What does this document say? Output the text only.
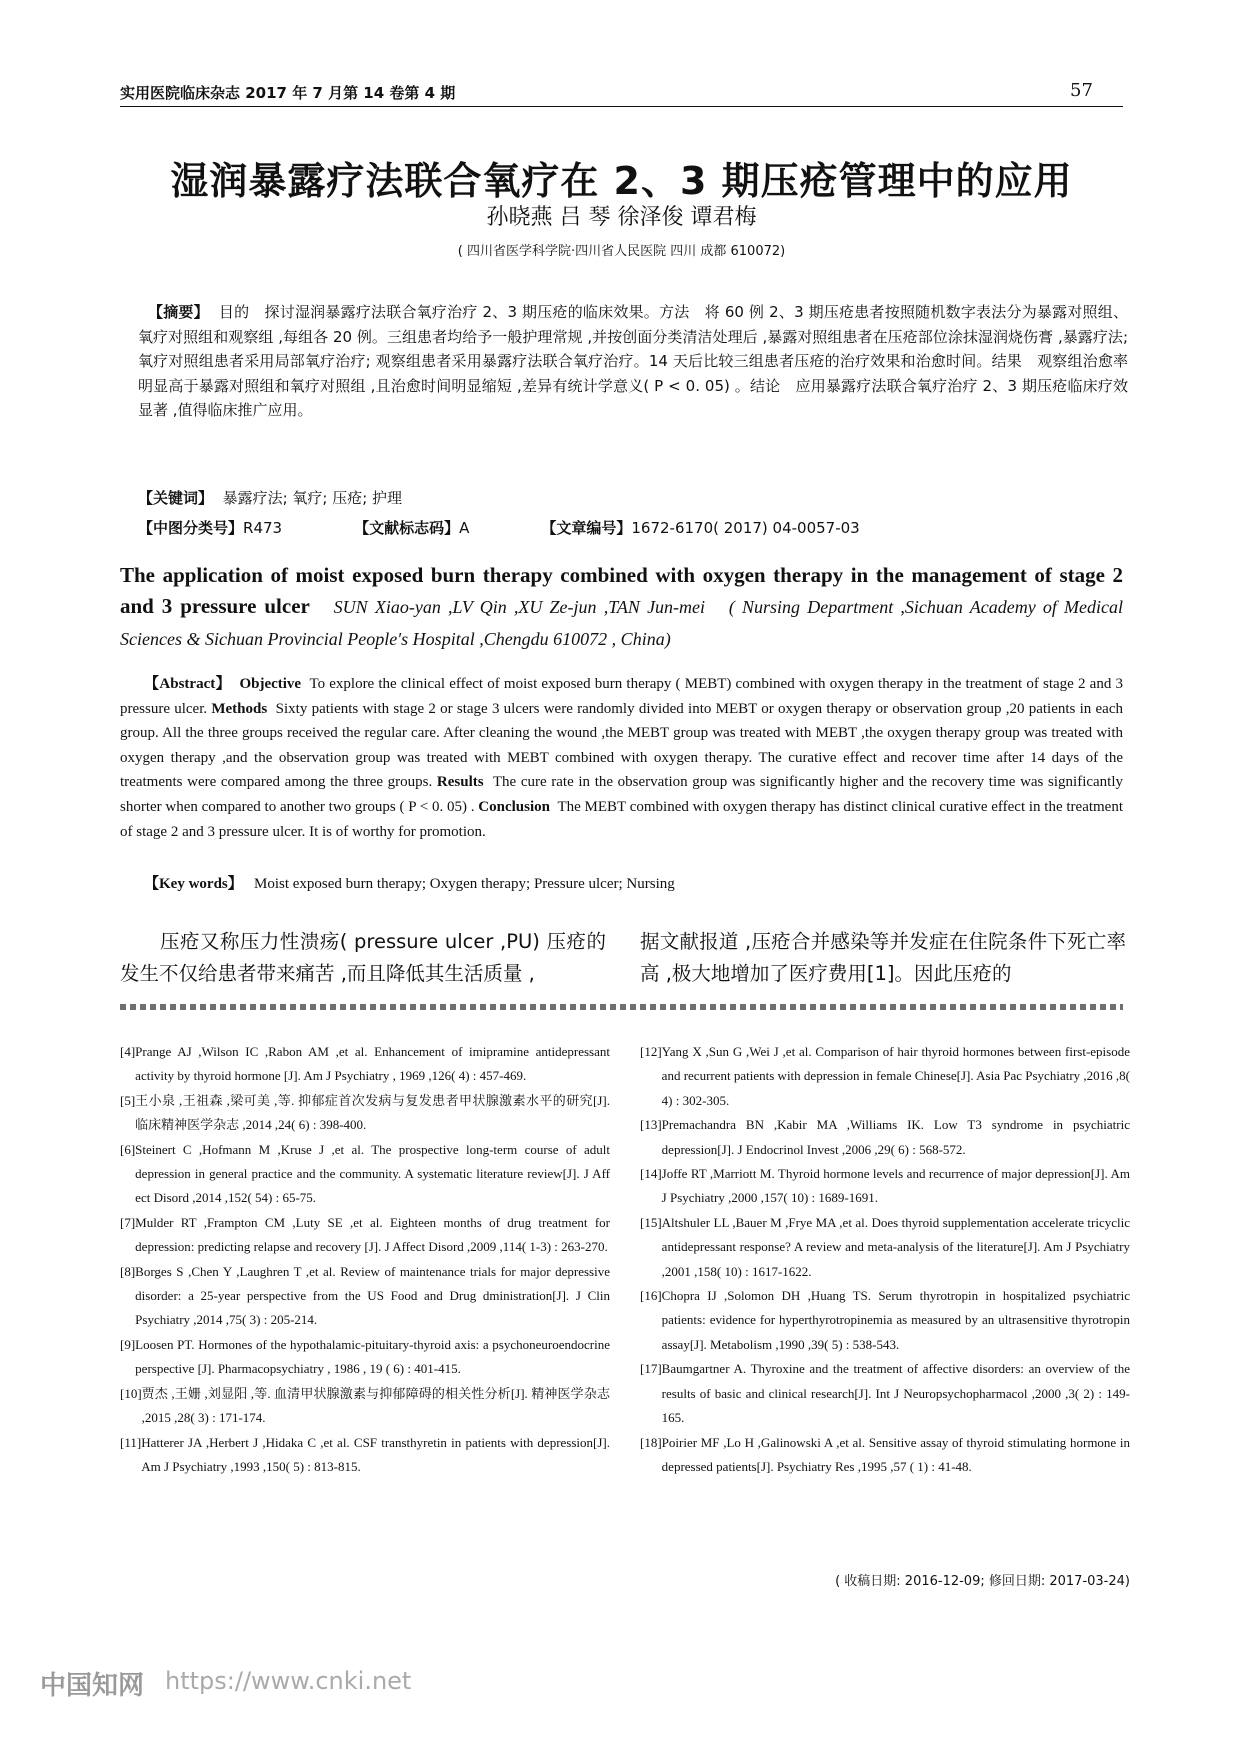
实用医院临床杂志 2017 年 7 月第 14 卷第 4 期	57
湿润暴露疗法联合氧疗在 2、3 期压疮管理中的应用
孙晓燕 吕 琴 徐泽俊 谭君梅
( 四川省医学科学院·四川省人民医院 四川 成都 610072)
【摘要】 目的　探讨湿润暴露疗法联合氧疗治疗 2、3 期压疮的临床效果。方法　将 60 例 2、3 期压疮患者按照随机数字表法分为暴露对照组、氧疗对照组和观察组 ,每组各 20 例。三组患者均给予一般护理常规 ,并按创面分类清洁处理后 ,暴露对照组患者在压疮部位涂抹湿润烧伤膏 ,暴露疗法; 氧疗对照组患者采用局部氧疗治疗; 观察组患者采用暴露疗法联合氧疗治疗。14 天后比较三组患者压疮的治疗效果和治愈时间。结果　观察组治愈率明显高于暴露对照组和氧疗对照组 ,且治愈时间明显缩短 ,差异有统计学意义( P < 0. 05) 。结论　应用暴露疗法联合氧疗治疗 2、3 期压疮临床疗效显著 ,值得临床推广应用。
【关键词】 暴露疗法; 氧疗; 压疮; 护理
【中图分类号】 R473	【文献标志码】 A	【文章编号】 1672-6170( 2017) 04-0057-03
The application of moist exposed burn therapy combined with oxygen therapy in the management of stage 2 and 3 pressure ulcer SUN Xiao-yan ,LV Qin ,XU Ze-jun ,TAN Jun-mei ( Nursing Department ,Sichuan Academy of Medical Sciences & Sichuan Provincial People′s Hospital ,Chengdu 610072 , China)
【Abstract】 Objective To explore the clinical effect of moist exposed burn therapy ( MEBT) combined with oxygen therapy in the treatment of stage 2 and 3 pressure ulcer. Methods Sixty patients with stage 2 or stage 3 ulcers were randomly divided into MEBT or oxygen therapy or observation group ,20 patients in each group. All the three groups received the regular care. After cleaning the wound ,the MEBT group was treated with MEBT ,the oxygen therapy group was treated with oxygen therapy ,and the observation group was treated with MEBT combined with oxygen therapy. The curative effect and recover time after 14 days of the treatments were compared among the three groups. Results The cure rate in the observation group was significantly higher and the recovery time was significantly shorter when compared to another two groups ( P < 0. 05) . Conclusion The MEBT combined with oxygen therapy has distinct clinical curative effect in the treatment of stage 2 and 3 pressure ulcer. It is of worthy for promotion.
【Key words】 Moist exposed burn therapy; Oxygen therapy; Pressure ulcer; Nursing
压疮又称压力性溃疡( pressure ulcer ,PU) 压疮的发生不仅给患者带来痛苦 ,而且降低其生活质量 ,
据文献报道 ,压疮合并感染等并发症在住院条件下死亡率高 ,极大地增加了医疗费用[1]。因此压疮的
[4] Prange AJ ,Wilson IC ,Rabon AM ,et al. Enhancement of imipramine antidepressant activity by thyroid hormone [J]. Am J Psychiatry , 1969 ,126( 4) : 457-469.
[5] 王小泉 ,王祖森 ,梁可美 ,等. 抑郁症首次发病与复发患者甲状腺激素水平的研究[J]. 临床精神医学杂志 ,2014 ,24( 6) : 398-400.
[6] Steinert C ,Hofmann M ,Kruse J ,et al. The prospective long-term course of adult depression in general practice and the community. A systematic literature review[J]. J Aff ect Disord ,2014 ,152( 54) : 65-75.
[7] Mulder RT ,Frampton CM ,Luty SE ,et al. Eighteen months of drug treatment for depression: predicting relapse and recovery [J]. J Affect Disord ,2009 ,114( 1-3) : 263-270.
[8] Borges S ,Chen Y ,Laughren T ,et al. Review of maintenance trials for major depressive disorder: a 25-year perspective from the US Food and Drug dministration[J]. J Clin Psychiatry ,2014 ,75( 3) : 205-214.
[9] Loosen PT. Hormones of the hypothalamic-pituitary-thyroid axis: a psychoneuroendocrine perspective [J]. Pharmacopsychiatry , 1986 , 19 ( 6) : 401-415.
[10] 贾杰 ,王姗 ,刘显阳 ,等. 血清甲状腺激素与抑郁障碍的相关性分析[J]. 精神医学杂志 ,2015 ,28( 3) : 171-174.
[11] Hatterer JA ,Herbert J ,Hidaka C ,et al. CSF transthyretin in patients with depression[J]. Am J Psychiatry ,1993 ,150( 5) : 813-815.
[12] Yang X ,Sun G ,Wei J ,et al. Comparison of hair thyroid hormones between first-episode and recurrent patients with depression in female Chinese[J]. Asia Pac Psychiatry ,2016 ,8( 4) : 302-305.
[13] Premachandra BN ,Kabir MA ,Williams IK. Low T3 syndrome in psychiatric depression[J]. J Endocrinol Invest ,2006 ,29( 6) : 568-572.
[14] Joffe RT ,Marriott M. Thyroid hormone levels and recurrence of major depression[J]. Am J Psychiatry ,2000 ,157( 10) : 1689-1691.
[15] Altshuler LL ,Bauer M ,Frye MA ,et al. Does thyroid supplementation accelerate tricyclic antidepressant response? A review and meta-analysis of the literature[J]. Am J Psychiatry ,2001 ,158( 10) : 1617-1622.
[16] Chopra IJ ,Solomon DH ,Huang TS. Serum thyrotropin in hospitalized psychiatric patients: evidence for hyperthyrotropinemia as measured by an ultrasensitive thyrotropin assay[J]. Metabolism ,1990 ,39( 5) : 538-543.
[17] Baumgartner A. Thyroxine and the treatment of affective disorders: an overview of the results of basic and clinical research[J]. Int J Neuropsychopharmacol ,2000 ,3( 2) : 149-165.
[18] Poirier MF ,Lo H ,Galinowski A ,et al. Sensitive assay of thyroid stimulating hormone in depressed patients[J]. Psychiatry Res ,1995 ,57 ( 1) : 41-48.
( 收稿日期: 2016-12-09; 修回日期: 2017-03-24)
中国知网 https://www.cnki.net
